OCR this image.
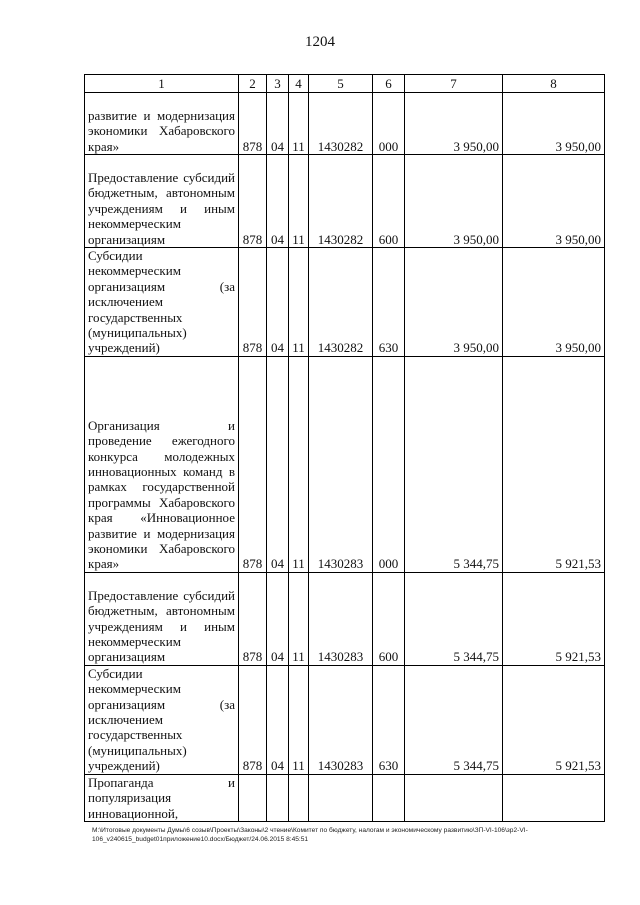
1204
1	2	3	4	5	6	7	8
развитие и модернизация экономики Хабаровского края»	878	04	11	1430282	000	3 950,00	3 950,00
Предоставление субсидий бюджетным, автономным учреждениям и иным некоммерческим организациям	878	04	11	1430282	600	3 950,00	3 950,00
Субсидии некоммерческим организациям (за исключением государственных (муниципальных) учреждений)	878	04	11	1430282	630	3 950,00	3 950,00
Организация и проведение ежегодного конкурса молодежных инновационных команд в рамках государственной программы Хабаровского края «Инновационное развитие и модернизация экономики Хабаровского края»	878	04	11	1430283	000	5 344,75	5 921,53
Предоставление субсидий бюджетным, автономным учреждениям и иным некоммерческим организациям	878	04	11	1430283	600	5 344,75	5 921,53
Субсидии некоммерческим организациям (за исключением государственных (муниципальных) учреждений)	878	04	11	1430283	630	5 344,75	5 921,53
Пропаганда и популяризация инновационной,							
М:\Итоговые документы Думы\6 созыв\Проекты\Законы\2 чтение\Комитет по бюджету, налогам и экономическому развитию\ЗП-VI-106\зр2-VI-
106_v240615_budget01приложение10.docx/Бюджет/24.06.2015 8:45:51
